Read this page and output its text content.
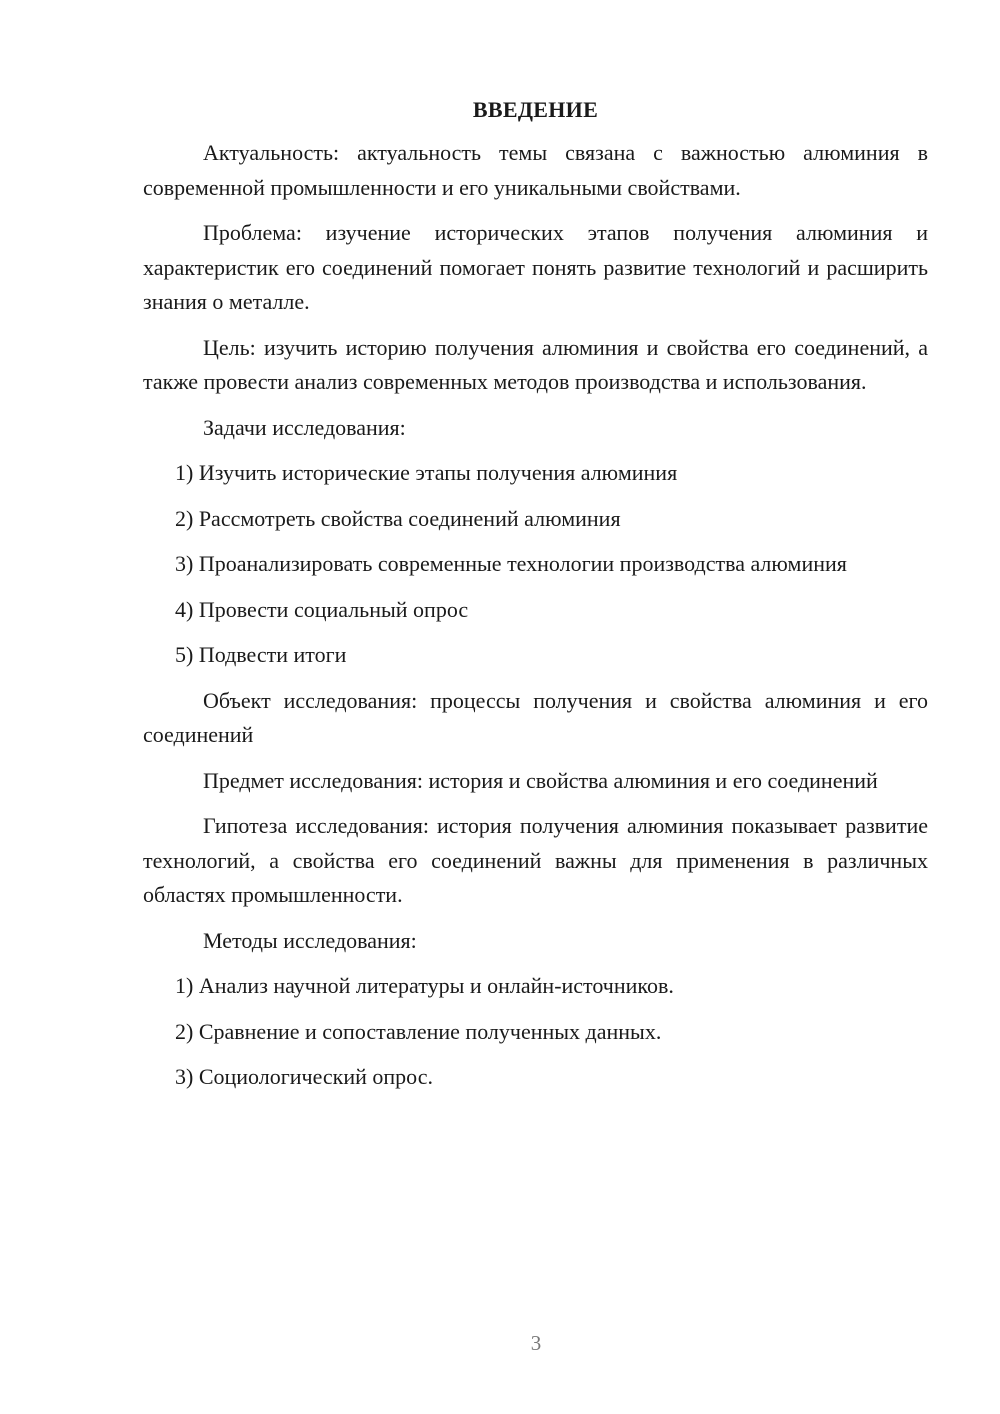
ВВЕДЕНИЕ

Актуальность: актуальность темы связана с важностью алюминия в современной промышленности и его уникальными свойствами.

Проблема: изучение исторических этапов получения алюминия и характеристик его соединений помогает понять развитие технологий и расширить знания о металле.

Цель: изучить историю получения алюминия и свойства его соединений, а также провести анализ современных методов производства и использования.

Задачи исследования:

1) Изучить исторические этапы получения алюминия

2) Рассмотреть свойства соединений алюминия

3) Проанализировать современные технологии производства алюминия

4) Провести социальный опрос

5) Подвести итоги

Объект исследования: процессы получения и свойства алюминия и его соединений

Предмет исследования: история и свойства алюминия и его соединений

Гипотеза исследования: история получения алюминия показывает развитие технологий, а свойства его соединений важны для применения в различных областях промышленности.

Методы исследования:

1) Анализ научной литературы и онлайн-источников.

2) Сравнение и сопоставление полученных данных.

3) Социологический опрос.

3
